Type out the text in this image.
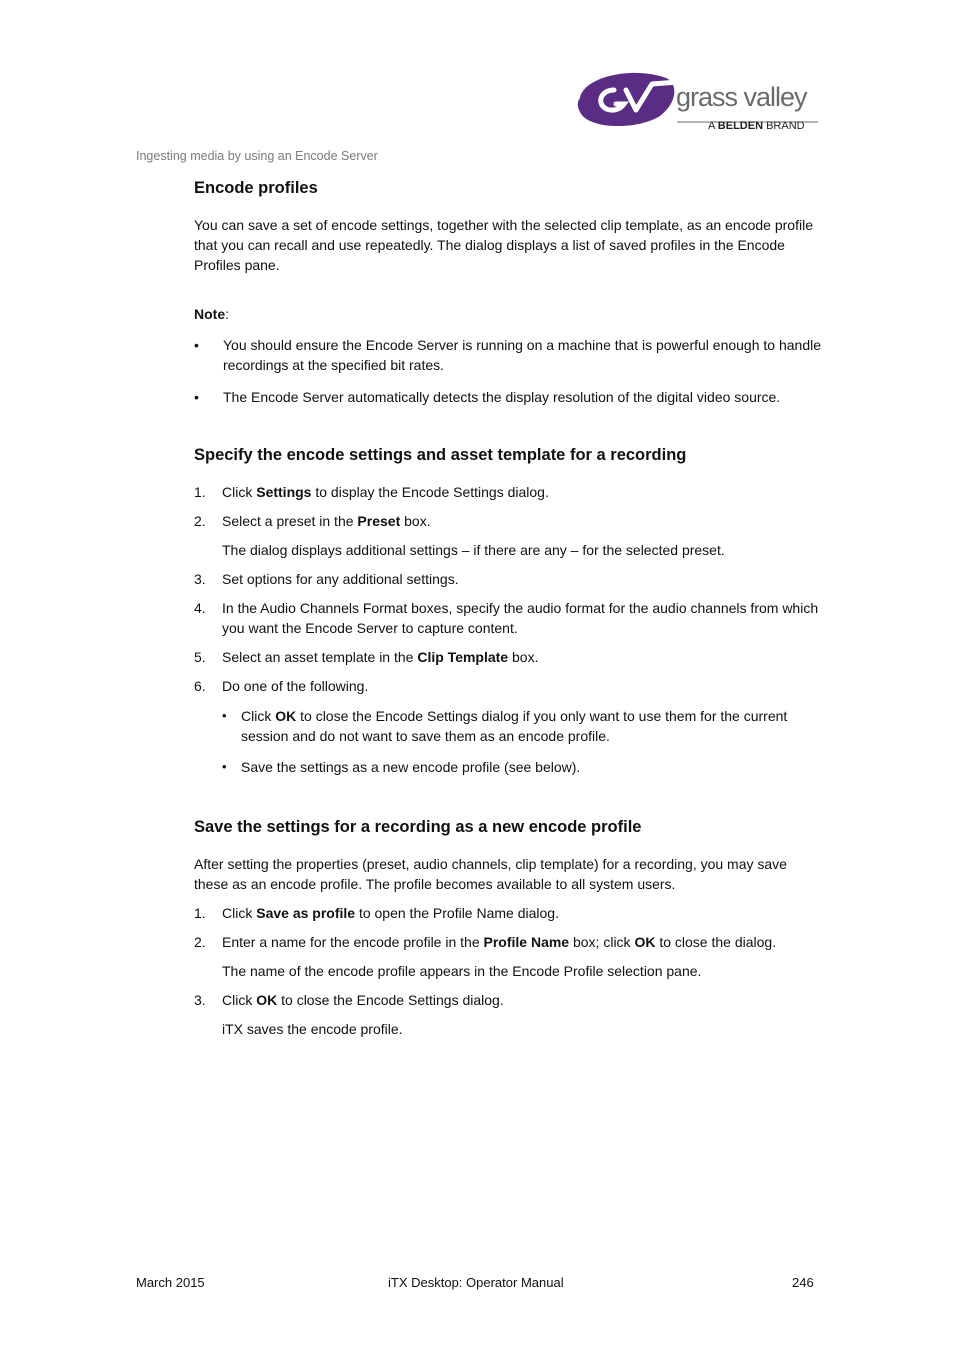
grass valley
A BELDEN BRAND
Ingesting media by using an Encode Server
Encode profiles

You can save a set of encode settings, together with the selected clip template, as an encode profile that you can recall and use repeatedly. The dialog displays a list of saved profiles in the Encode Profiles pane.

Note:

• You should ensure the Encode Server is running on a machine that is powerful enough to handle recordings at the specified bit rates.
• The Encode Server automatically detects the display resolution of the digital video source.
Specify the encode settings and asset template for a recording
1. Click Settings to display the Encode Settings dialog.
2. Select a preset in the Preset box.

The dialog displays additional settings – if there are any – for the selected preset.

3. Set options for any additional settings.
4. In the Audio Channels Format boxes, specify the audio format for the audio channels from which you want the Encode Server to capture content.
5. Select an asset template in the Clip Template box.
6. Do one of the following.
• Click OK to close the Encode Settings dialog if you only want to use them for the current session and do not want to save them as an encode profile.
• Save the settings as a new encode profile (see below).
Save the settings for a recording as a new encode profile

After setting the properties (preset, audio channels, clip template) for a recording, you may save these as an encode profile. The profile becomes available to all system users.

1. Click Save as profile to open the Profile Name dialog.
2. Enter a name for the encode profile in the Profile Name box; click OK to close the dialog.

The name of the encode profile appears in the Encode Profile selection pane.

3. Click OK to close the Encode Settings dialog.

iTX saves the encode profile.

March 2015	iTX Desktop: Operator Manual	246
